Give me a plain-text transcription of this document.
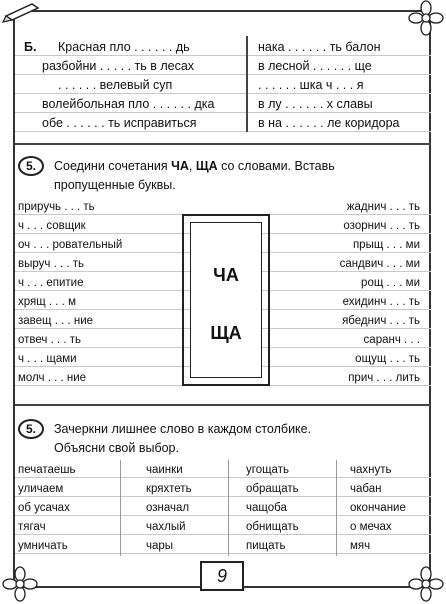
Б. Красная пло . . . . . . дь
разбойни . . . . . ть в лесах
. . . . . . велевый суп
волейбольная пло . . . . . . дка
обе . . . . . . ть исправиться
нака . . . . . . ть балон
в лесной . . . . . . ще
. . . . . . шка ч . . . я
в лу . . . . . . х славы
в на . . . . . . ле коридора
5.	Соедини сочетания ЧА, ЩА со словами. Вставь
пропущенные буквы.
приручь . . . ть
ч . . . совщик
оч . . . ровательный
выруч . . . ть
ч . . . епитие
хрящ . . . м
завещ . . . ние
отвеч . . . ть
ч . . . щами
молч . . . ние
жаднич . . . ть
озорнич . . . ть
прыщ . . . ми
сандвич . . . ми
рощ . . . ми
ехидинч . . . ть
ябеднич . . . ть
саранч . . .
ощущ . . . ть
прич . . . лить
ЧА
ЩА
5.	Зачеркни лишнее слово в каждом столбике.
Объясни свой выбор.
печатаешь
уличаем
об усачах
тягач
умничать
чаинки
кряхтеть
означал
чахлый
чары
угощать
обращать
чащоба
обнищать
пищать
чахнуть
чабан
окончание
о мечах
мяч
9
